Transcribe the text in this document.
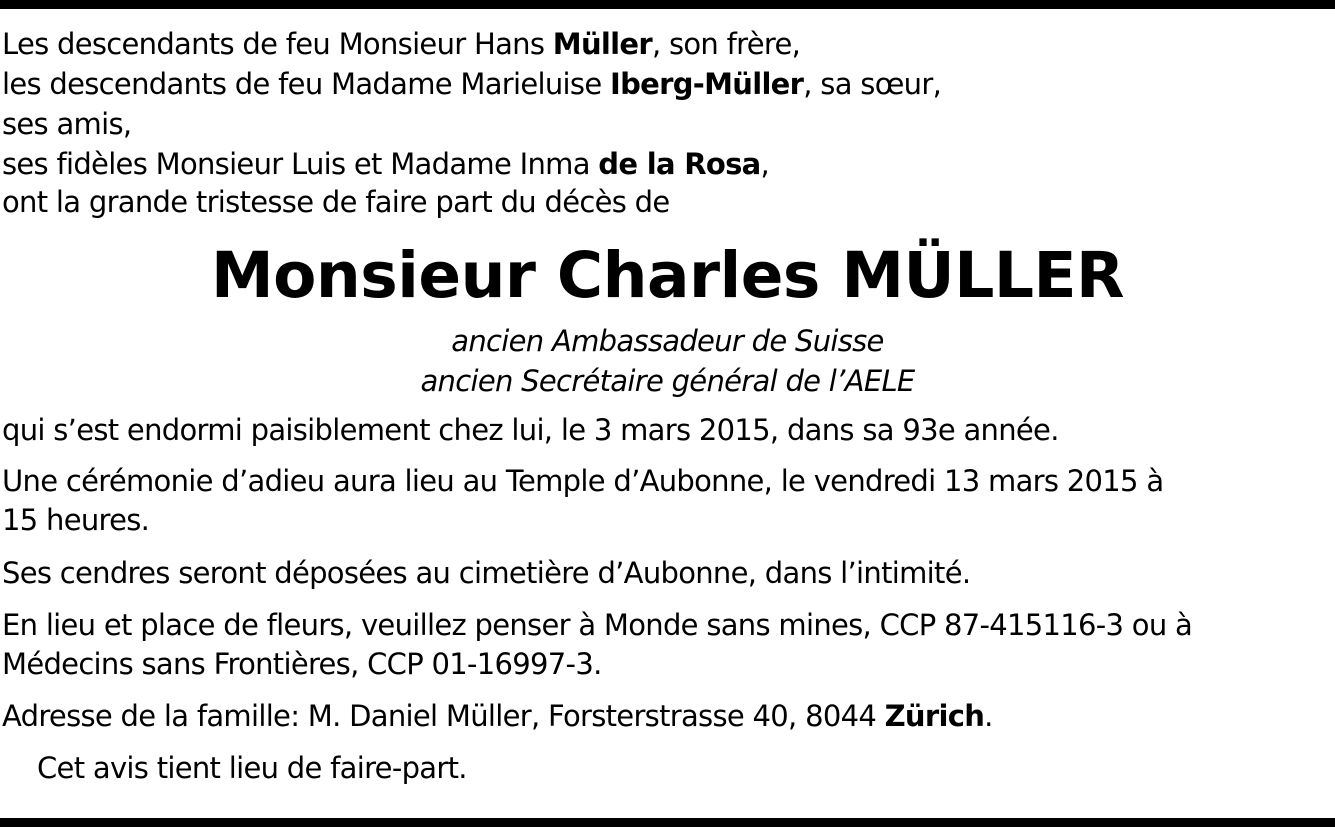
Les descendants de feu Monsieur Hans Müller, son frère,
les descendants de feu Madame Marieluise Iberg-Müller, sa sœur,
ses amis,
ses fidèles Monsieur Luis et Madame Inma de la Rosa,
ont la grande tristesse de faire part du décès de
Monsieur Charles MÜLLER
ancien Ambassadeur de Suisse
ancien Secrétaire général de l’AELE
qui s’est endormi paisiblement chez lui, le 3 mars 2015, dans sa 93e année.
Une cérémonie d’adieu aura lieu au Temple d’Aubonne, le vendredi 13 mars 2015 à
15 heures.
Ses cendres seront déposées au cimetière d’Aubonne, dans l’intimité.
En lieu et place de fleurs, veuillez penser à Monde sans mines, CCP 87-415116-3 ou à
Médecins sans Frontières, CCP 01-16997-3.
Adresse de la famille: M. Daniel Müller, Forsterstrasse 40, 8044 Zürich.
Cet avis tient lieu de faire-part.
